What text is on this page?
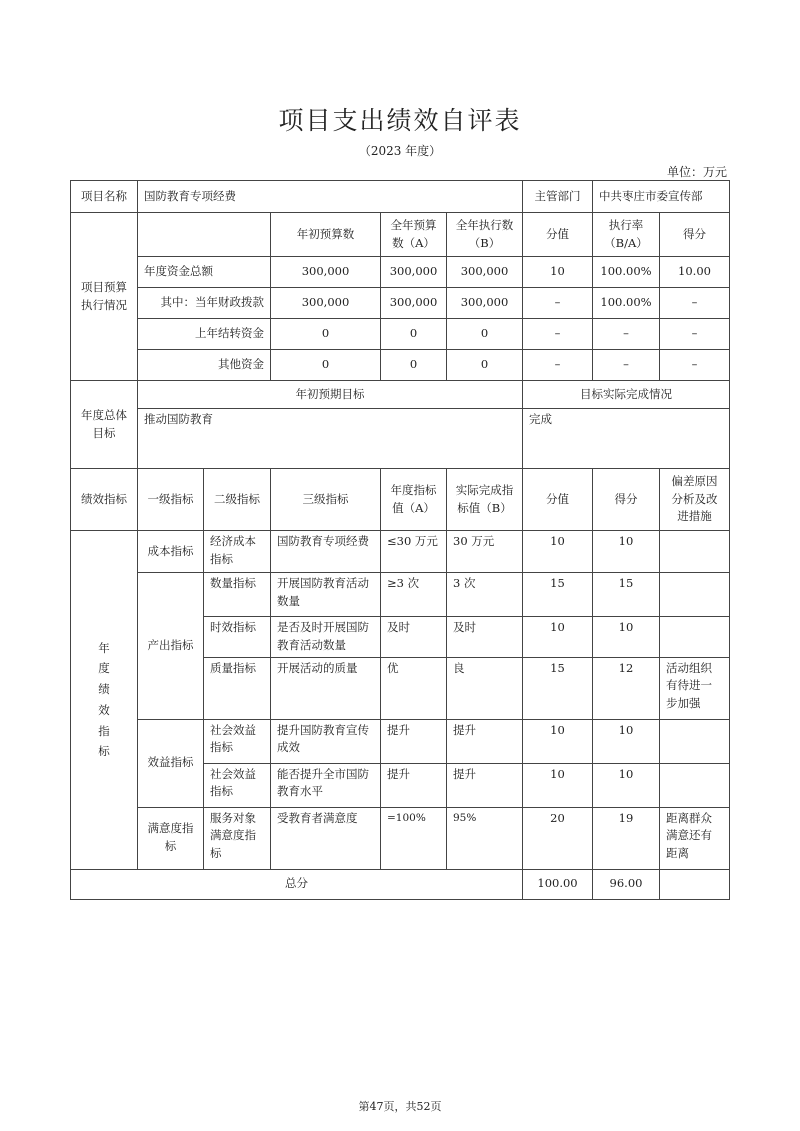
项目支出绩效自评表
（2023 年度）
单位：万元
项目名称	国防教育专项经费					主管部门	中共枣庄市委宣传部	
项目预算执行情况			年初预算数	全年预算数（A）	全年执行数（B）	分值	执行率（B/A）	得分
	年度资金总额		300,000	300,000	300,000	10	100.00%	10.00
	其中：当年财政拨款		300,000	300,000	300,000	–	100.00%	–
	上年结转资金		0	0	0	–	–	–
	其他资金		0	0	0	–	–	–
年度总体目标	年初预期目标					目标实际完成情况		
	推动国防教育					完成		
绩效指标	一级指标	二级指标	三级指标	年度指标值（A）	实际完成指标值（B）	分值	得分	偏差原因分析及改进措施
年度绩效指标	成本指标	经济成本指标	国防教育专项经费	≤30 万元	30 万元	10	10	
	产出指标	数量指标	开展国防教育活动数量	≥3 次	3 次	15	15	
		时效指标	是否及时开展国防教育活动数量	及时	及时	10	10	
		质量指标	开展活动的质量	优	良	15	12	活动组织有待进一步加强
	效益指标	社会效益指标	提升国防教育宣传成效	提升	提升	10	10	
		社会效益指标	能否提升全市国防教育水平	提升	提升	10	10	
	满意度指标	服务对象满意度指标	受教育者满意度	=100%	95%	20	19	距离群众满意还有距离
总分						100.00	96.00	
第47页，共52页
